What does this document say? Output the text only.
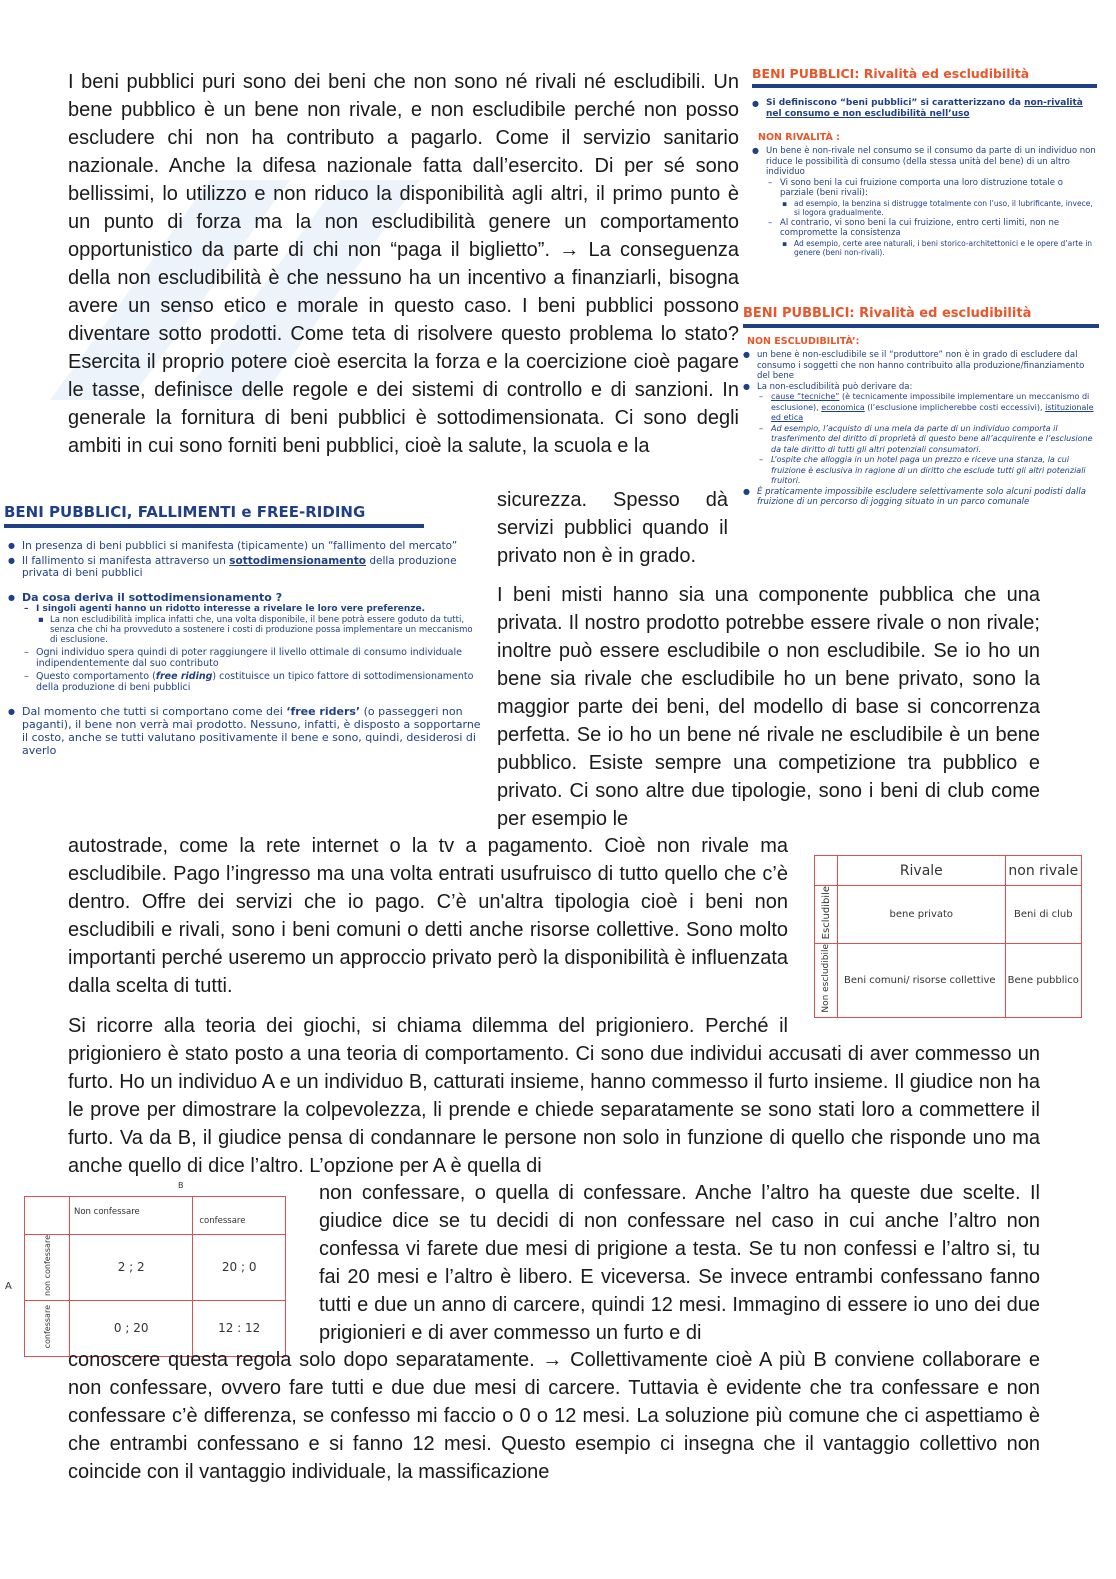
I beni pubblici puri sono dei beni che non sono né rivali né escludibili. Un bene pubblico è un bene non rivale, e non escludibile perché non posso escludere chi non ha contributo a pagarlo. Come il servizio sanitario nazionale. Anche la difesa nazionale fatta dall’esercito. Di per sé sono bellissimi, lo utilizzo e non riduco la disponibilità agli altri, il primo punto è un punto di forza ma la non escludibilità genere un comportamento opportunistico da parte di chi non “paga il biglietto”. → La conseguenza della non escludibilità è che nessuno ha un incentivo a finanziarli, bisogna avere un senso etico e morale in questo caso. I beni pubblici possono diventare sotto prodotti. Come teta di risolvere questo problema lo stato? Esercita il proprio potere cioè esercita la forza e la coercizione cioè pagare le tasse, definisce delle regole e dei sistemi di controllo e di sanzioni. In generale la fornitura di beni pubblici è sottodimensionata. Ci sono degli ambiti in cui sono forniti beni pubblici, cioè la salute, la scuola e la

sicurezza. Spesso dà servizi pubblici quando il privato non è in grado.

BENI PUBBLICI: Rivalità ed escludibilità
● Si definiscono “beni pubblici” si caratterizzano da non-rivalità nel consumo e non escludibilità nell’uso
NON RIVALITÀ :
● Un bene è non-rivale nel consumo se il consumo da parte di un individuo non riduce le possibilità di consumo (della stessa unità del bene) di un altro individuo
– Vi sono beni la cui fruizione comporta una loro distruzione totale o parziale (beni rivali):
▪ ad esempio, la benzina si distrugge totalmente con l’uso, il lubrificante, invece, si logora gradualmente.
– Al contrario, vi sono beni la cui fruizione, entro certi limiti, non ne compromette la consistenza
▪ Ad esempio, certe aree naturali, i beni storico-architettonici e le opere d’arte in genere (beni non-rivali).
BENI PUBBLICI: Rivalità ed escludibilità
NON ESCLUDIBILITÀ’:
● un bene è non-escludibile se il “produttore” non è in grado di escludere dal consumo i soggetti che non hanno contribuito alla produzione/finanziamento del bene
● La non-escludibilità può derivare da:
– cause “tecniche” (è tecnicamente impossibile implementare un meccanismo di esclusione), economica (l’esclusione implicherebbe costi eccessivi), istituzionale ed etica
– Ad esempio, l’acquisto di una mela da parte di un individuo comporta il trasferimento del diritto di proprietà di questo bene all’acquirente e l’esclusione da tale diritto di tutti gli altri potenziali consumatori.
– L’ospite che alloggia in un hotel paga un prezzo e riceve una stanza, la cui fruizione è esclusiva in ragione di un diritto che esclude tutti gli altri potenziali fruitori.
● È praticamente impossibile escludere selettivamente solo alcuni podisti dalla fruizione di un percorso di jogging situato in un parco comunale
BENI PUBBLICI, FALLIMENTI e FREE-RIDING
● In presenza di beni pubblici si manifesta (tipicamente) un “fallimento del mercato”
● Il fallimento si manifesta attraverso un sottodimensionamento della produzione privata di beni pubblici
● Da cosa deriva il sottodimensionamento ?
– I singoli agenti hanno un ridotto interesse a rivelare le loro vere preferenze.
▪ La non escludibilità implica infatti che, una volta disponibile, il bene potrà essere goduto da tutti, senza che chi ha provveduto a sostenere i costi di produzione possa implementare un meccanismo di esclusione.
– Ogni individuo spera quindi di poter raggiungere il livello ottimale di consumo individuale indipendentemente dal suo contributo
– Questo comportamento (free riding) costituisce un tipico fattore di sottodimensionamento della produzione di beni pubblici
● Dal momento che tutti si comportano come dei ‘free riders’ (o passeggeri non paganti), il bene non verrà mai prodotto. Nessuno, infatti, è disposto a sopportarne il costo, anche se tutti valutano positivamente il bene e sono, quindi, desiderosi di averlo

I beni misti hanno sia una componente pubblica che una privata. Il nostro prodotto potrebbe essere rivale o non rivale; inoltre può essere escludibile o non escludibile. Se io ho un bene sia rivale che escludibile ho un bene privato, sono la maggior parte dei beni, del modello di base si concorrenza perfetta. Se io ho un bene né rivale ne escludibile è un bene pubblico. Esiste sempre una competizione tra pubblico e privato. Ci sono altre due tipologie, sono i beni di club come per esempio le

autostrade, come la rete internet o la tv a pagamento. Cioè non rivale ma escludibile. Pago l’ingresso ma una volta entrati usufruisco di tutto quello che c’è dentro. Offre dei servizi che io pago. C’è un'altra tipologia cioè i beni non escludibili e rivali, sono i beni comuni o detti anche risorse collettive. Sono molto importanti perché useremo un approccio privato però la disponibilità è influenzata dalla scelta di tutti.

	Rivale	non rivale
Escludibile	bene privato	Beni di club
Non escludibile	Beni comuni/ risorse collettive	Bene pubblico

Si ricorre alla teoria dei giochi, si chiama dilemma del prigioniero. Perché il prigioniero è stato posto a una teoria di comportamento. Ci sono due individui accusati di aver commesso un furto. Ho un individuo A e un individuo B, catturati insieme, hanno commesso il furto insieme. Il giudice non ha le prove per dimostrare la colpevolezza, li prende e chiede separatamente se sono stati loro a commettere il furto. Va da B, il giudice pensa di condannare le persone non solo in funzione di quello che risponde uno ma anche quello di dice l’altro. L’opzione per A è quella di

B
A
	Non confessare	confessare
non confessare	2 ; 2	20 ; 0
confessare	0 ; 20	12 : 12

non confessare, o quella di confessare. Anche l’altro ha queste due scelte. Il giudice dice se tu decidi di non confessare nel caso in cui anche l’altro non confessa vi farete due mesi di prigione a testa. Se tu non confessi e l’altro si, tu fai 20 mesi e l’altro è libero. E viceversa. Se invece entrambi confessano fanno tutti e due un anno di carcere, quindi 12 mesi. Immagino di essere io uno dei due prigionieri e di aver commesso un furto e di

conoscere questa regola solo dopo separatamente. → Collettivamente cioè A più B conviene collaborare e non confessare, ovvero fare tutti e due due mesi di carcere. Tuttavia è evidente che tra confessare e non confessare c’è differenza, se confesso mi faccio o 0 o 12 mesi. La soluzione più comune che ci aspettiamo è che entrambi confessano e si fanno 12 mesi. Questo esempio ci insegna che il vantaggio collettivo non coincide con il vantaggio individuale, la massificazione
